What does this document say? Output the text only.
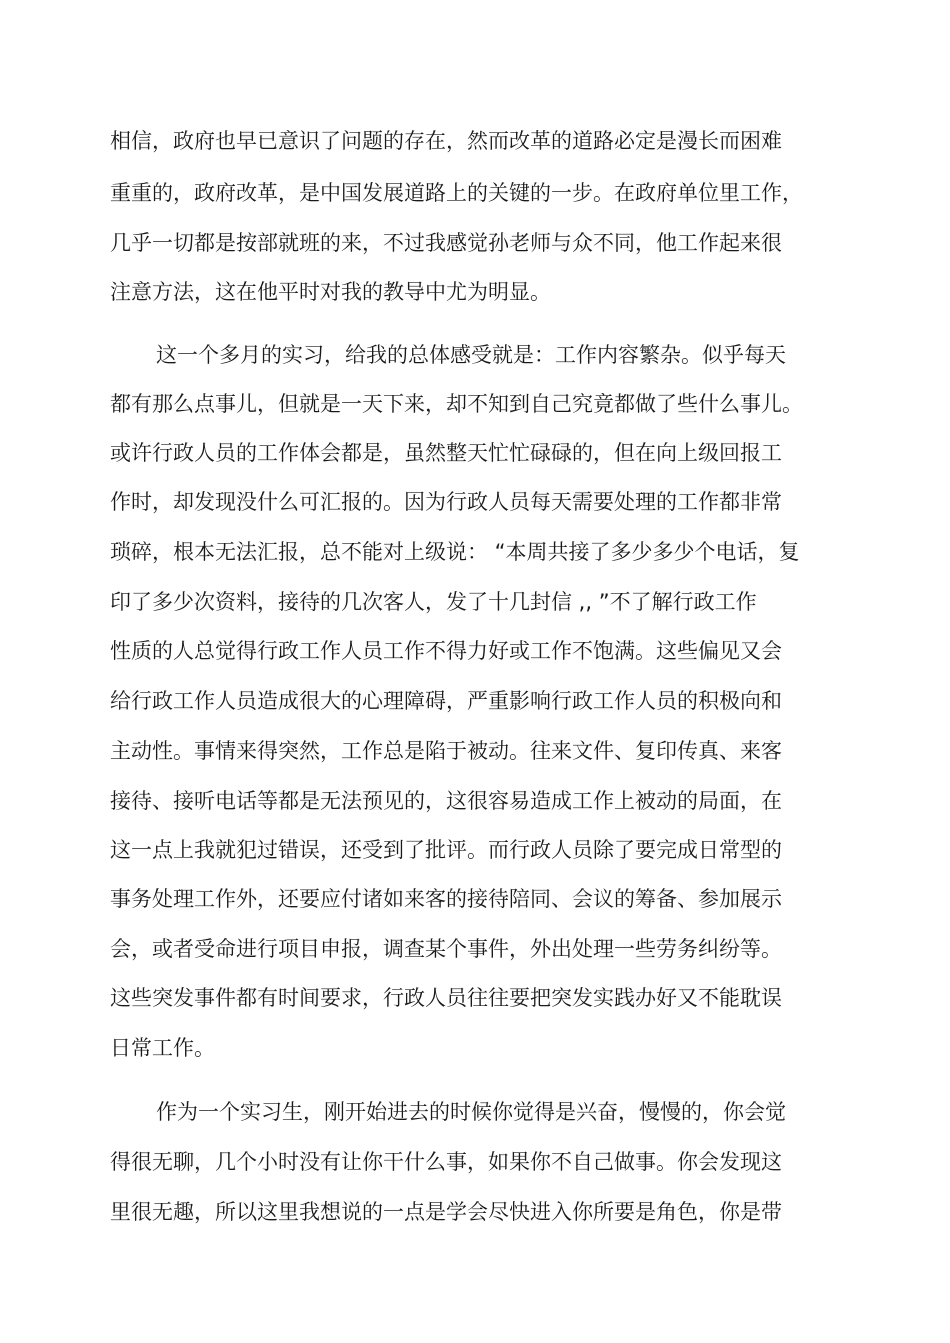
相信，政府也早已意识了问题的存在，然而改革的道路必定是漫长而困难
重重的，政府改革，是中国发展道路上的关键的一步。在政府单位里工作，
几乎一切都是按部就班的来，不过我感觉孙老师与众不同，他工作起来很
注意方法，这在他平时对我的教导中尤为明显。
这一个多月的实习，给我的总体感受就是：工作内容繁杂。似乎每天
都有那么点事儿，但就是一天下来，却不知到自己究竟都做了些什么事儿。
或许行政人员的工作体会都是，虽然整天忙忙碌碌的，但在向上级回报工
作时，却发现没什么可汇报的。因为行政人员每天需要处理的工作都非常
琐碎，根本无法汇报，总不能对上级说： “本周共接了多少多少个电话，复
印了多少次资料，接待的几次客人，发了十几封信 ,, ”不了解行政工作
性质的人总觉得行政工作人员工作不得力好或工作不饱满。这些偏见又会
给行政工作人员造成很大的心理障碍，严重影响行政工作人员的积极向和
主动性。事情来得突然，工作总是陷于被动。往来文件、复印传真、来客
接待、接听电话等都是无法预见的，这很容易造成工作上被动的局面，在
这一点上我就犯过错误，还受到了批评。而行政人员除了要完成日常型的
事务处理工作外，还要应付诸如来客的接待陪同、会议的筹备、参加展示
会，或者受命进行项目申报，调查某个事件，外出处理一些劳务纠纷等。
这些突发事件都有时间要求，行政人员往往要把突发实践办好又不能耽误
日常工作。
作为一个实习生，刚开始进去的时候你觉得是兴奋，慢慢的，你会觉
得很无聊，几个小时没有让你干什么事，如果你不自己做事。你会发现这
里很无趣，所以这里我想说的一点是学会尽快进入你所要是角色，你是带
